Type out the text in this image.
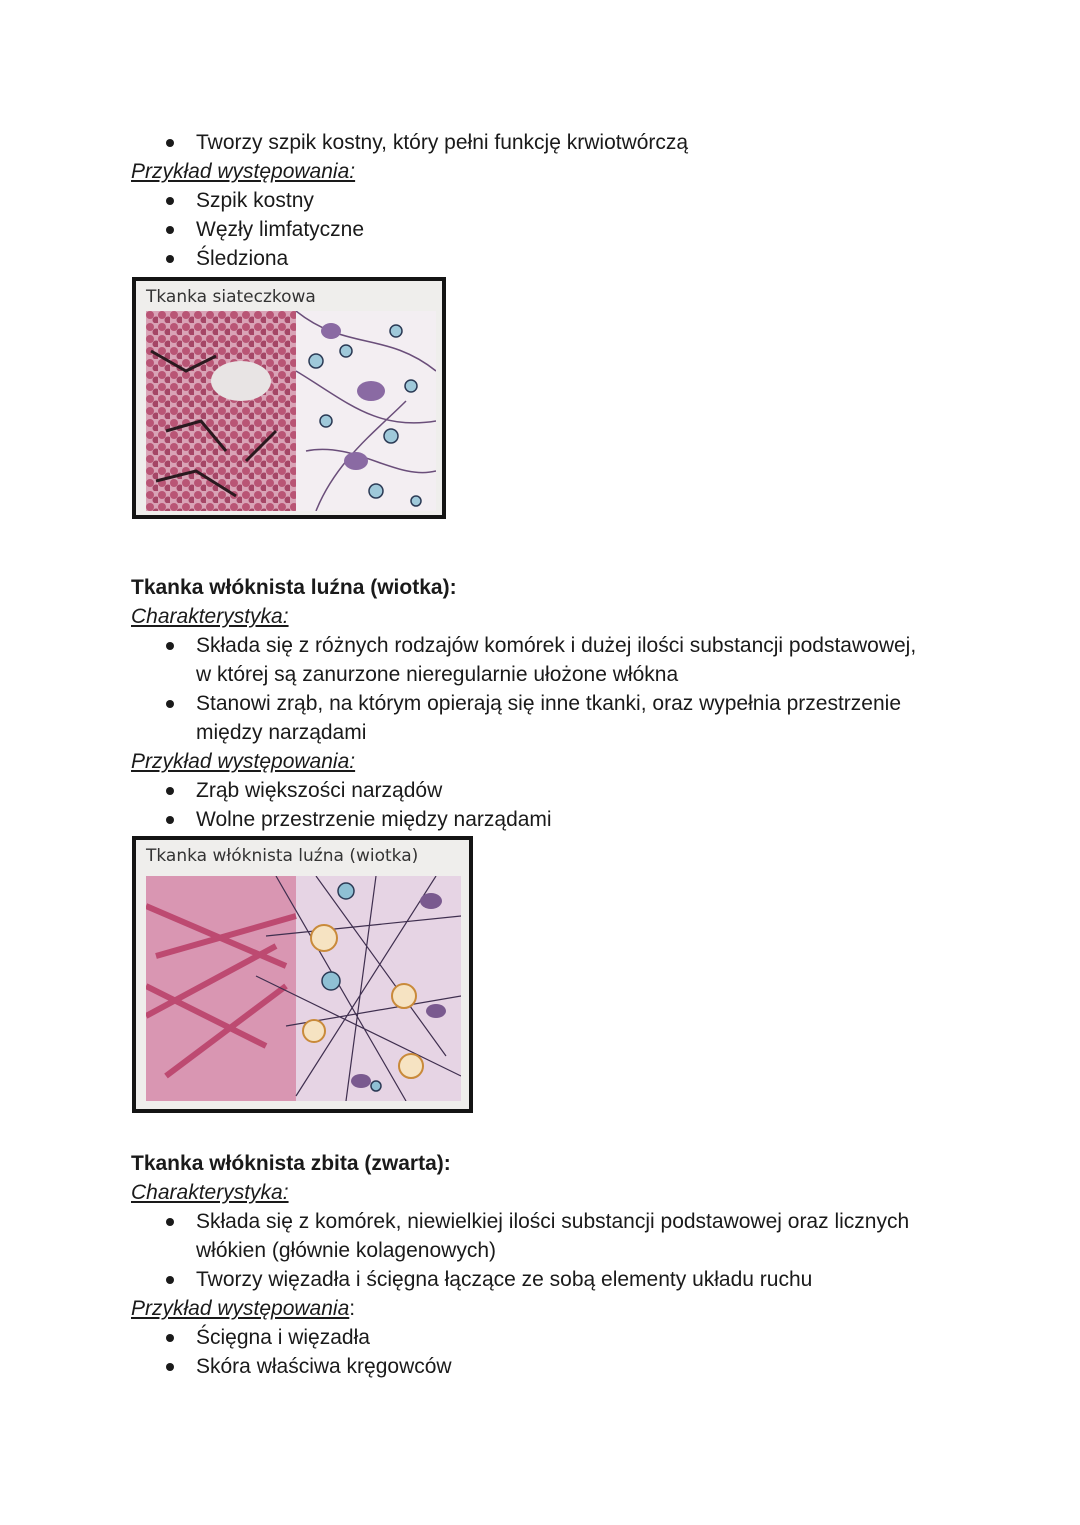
Tworzy szpik kostny, który pełni funkcję krwiotwórczą
Przykład występowania:
Szpik kostny
Węzły limfatyczne
Śledziona
Tkanka siateczkowa
Tkanka włóknista luźna (wiotka):
Charakterystyka:
Składa się z różnych rodzajów komórek i dużej ilości substancji podstawowej,
w której są zanurzone nieregularnie ułożone włókna
Stanowi zrąb, na którym opierają się inne tkanki, oraz wypełnia przestrzenie
między narządami
Przykład występowania:
Zrąb większości narządów
Wolne przestrzenie między narządami
Tkanka włóknista luźna (wiotka)
Tkanka włóknista zbita (zwarta):
Charakterystyka:
Składa się z komórek, niewielkiej ilości substancji podstawowej oraz licznych
włókien (głównie kolagenowych)
Tworzy więzadła i ścięgna łączące ze sobą elementy układu ruchu
Przykład występowania:
Ścięgna i więzadła
Skóra właściwa kręgowców
